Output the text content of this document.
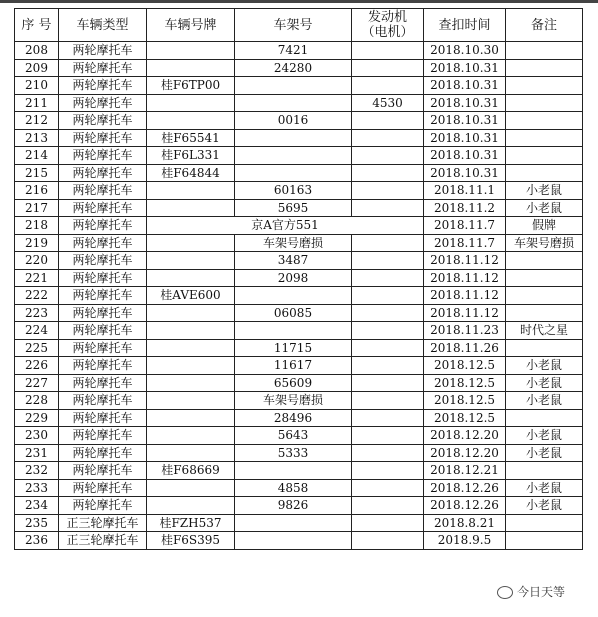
序 号	车辆类型	车辆号牌	车架号	发动机
（电机）	查扣时间	备注
208	两轮摩托车		7421		2018.10.30	
209	两轮摩托车		24280		2018.10.31	
210	两轮摩托车	桂F6TP00			2018.10.31	
211	两轮摩托车			4530	2018.10.31	
212	两轮摩托车		0016		2018.10.31	
213	两轮摩托车	桂F65541			2018.10.31	
214	两轮摩托车	桂F6L331			2018.10.31	
215	两轮摩托车	桂F64844			2018.10.31	
216	两轮摩托车		60163		2018.11.1	小老鼠
217	两轮摩托车		5695		2018.11.2	小老鼠
218	两轮摩托车	京A官方551			2018.11.7	假牌
219	两轮摩托车		车架号磨损		2018.11.7	车架号磨损
220	两轮摩托车		3487		2018.11.12	
221	两轮摩托车		2098		2018.11.12	
222	两轮摩托车	桂AVE600			2018.11.12	
223	两轮摩托车		06085		2018.11.12	
224	两轮摩托车				2018.11.23	时代之星
225	两轮摩托车		11715		2018.11.26	
226	两轮摩托车		11617		2018.12.5	小老鼠
227	两轮摩托车		65609		2018.12.5	小老鼠
228	两轮摩托车		车架号磨损		2018.12.5	小老鼠
229	两轮摩托车		28496		2018.12.5	
230	两轮摩托车		5643		2018.12.20	小老鼠
231	两轮摩托车		5333		2018.12.20	小老鼠
232	两轮摩托车	桂F68669			2018.12.21	
233	两轮摩托车		4858		2018.12.26	小老鼠
234	两轮摩托车		9826		2018.12.26	小老鼠
235	正三轮摩托车	桂FZH537			2018.8.21	
236	正三轮摩托车	桂F6S395			2018.9.5	
今日天等
